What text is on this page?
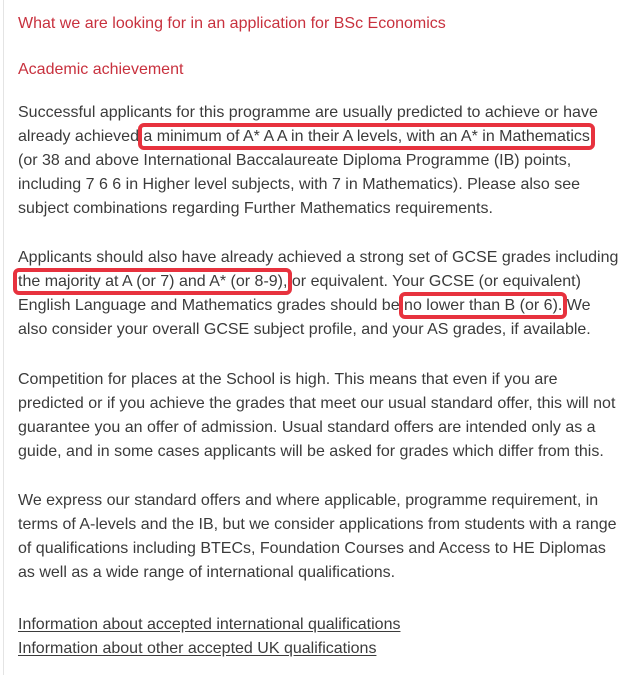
What we are looking for in an application for BSc Economics
Academic achievement
Successful applicants for this programme are usually predicted to achieve or have
already achieved a minimum of A* A A in their A levels, with an A* in Mathematics
(or 38 and above International Baccalaureate Diploma Programme (IB) points,
including 7 6 6 in Higher level subjects, with 7 in Mathematics). Please also see
subject combinations regarding Further Mathematics requirements.
Applicants should also have already achieved a strong set of GCSE grades including
the majority at A (or 7) and A* (or 8-9), or equivalent. Your GCSE (or equivalent)
English Language and Mathematics grades should be no lower than B (or 6). We
also consider your overall GCSE subject profile, and your AS grades, if available.
Competition for places at the School is high. This means that even if you are
predicted or if you achieve the grades that meet our usual standard offer, this will not
guarantee you an offer of admission. Usual standard offers are intended only as a
guide, and in some cases applicants will be asked for grades which differ from this.
We express our standard offers and where applicable, programme requirement, in
terms of A-levels and the IB, but we consider applications from students with a range
of qualifications including BTECs, Foundation Courses and Access to HE Diplomas
as well as a wide range of international qualifications.
Information about accepted international qualifications
Information about other accepted UK qualifications
